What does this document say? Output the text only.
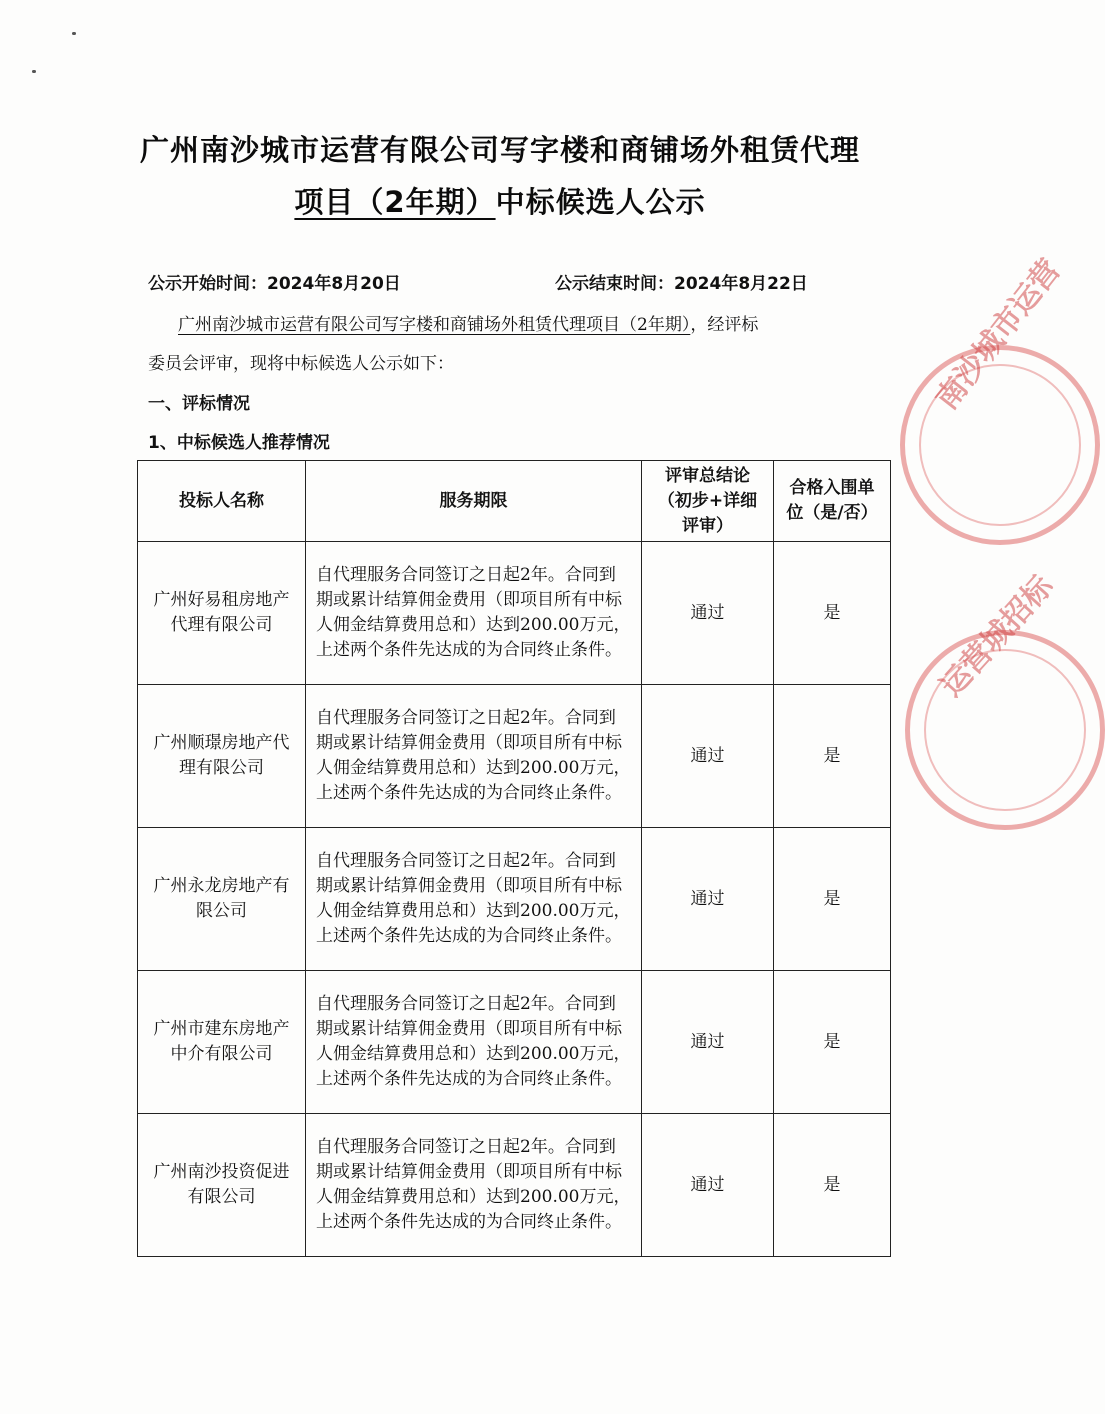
广州南沙城市运营有限公司写字楼和商铺场外租赁代理
项目（2年期）中标候选人公示
公示开始时间：2024年8月20日	公示结束时间：2024年8月22日
广州南沙城市运营有限公司写字楼和商铺场外租赁代理项目（2年期），经评标
委员会评审，现将中标候选人公示如下：
一、评标情况
1、中标候选人推荐情况
投标人名称	服务期限	评审总结论（初步+详细评审）	合格入围单位（是/否）

广州好易租房地产代理有限公司	自代理服务合同签订之日起2年。合同到期或累计结算佣金费用（即项目所有中标人佣金结算费用总和）达到200.00万元，上述两个条件先达成的为合同终止条件。	通过	是
广州顺璟房地产代理有限公司	自代理服务合同签订之日起2年。合同到期或累计结算佣金费用（即项目所有中标人佣金结算费用总和）达到200.00万元，上述两个条件先达成的为合同终止条件。	通过	是
广州永龙房地产有限公司	自代理服务合同签订之日起2年。合同到期或累计结算佣金费用（即项目所有中标人佣金结算费用总和）达到200.00万元，上述两个条件先达成的为合同终止条件。	通过	是
广州市建东房地产中介有限公司	自代理服务合同签订之日起2年。合同到期或累计结算佣金费用（即项目所有中标人佣金结算费用总和）达到200.00万元，上述两个条件先达成的为合同终止条件。	通过	是
广州南沙投资促进有限公司	自代理服务合同签订之日起2年。合同到期或累计结算佣金费用（即项目所有中标人佣金结算费用总和）达到200.00万元，上述两个条件先达成的为合同终止条件。	通过	是
南沙城市运营
运营城招标
